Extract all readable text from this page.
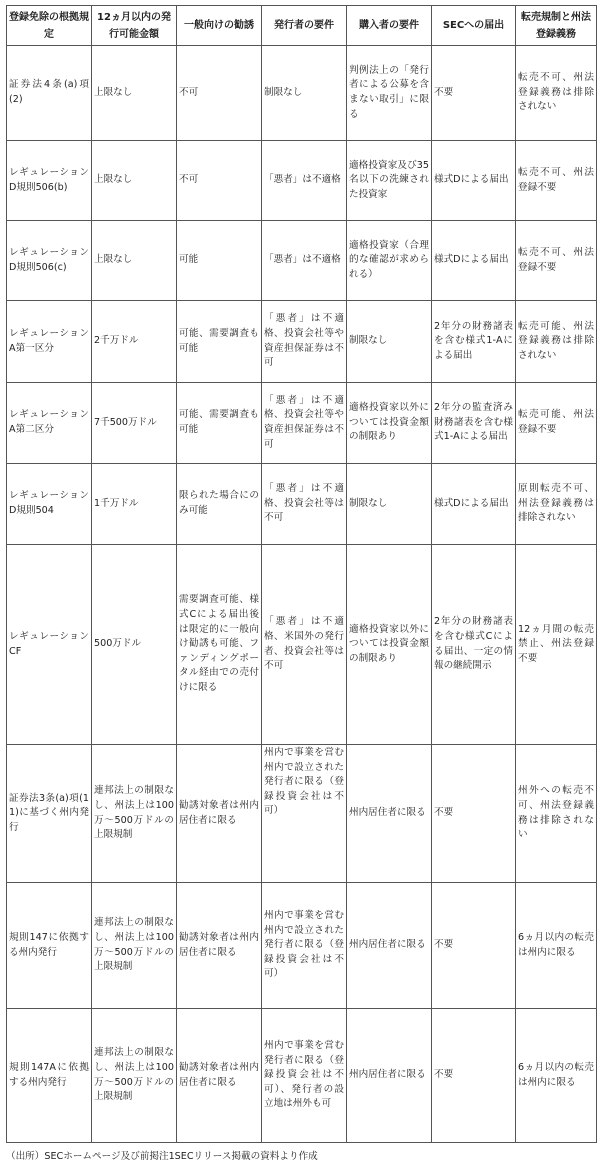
登録免除の根拠規定	12ヵ月以内の発行可能金額	一般向けの勧誘	発行者の要件	購入者の要件	SECへの届出	転売規制と州法登録義務
証券法4条(a)項(2)	上限なし	不可	制限なし	判例法上の「発行者による公募を含まない取引」に限る	不要	転売不可、州法登録義務は排除されない
レギュレーションD規則506(b)	上限なし	不可	「悪者」は不適格	適格投資家及び35名以下の洗練された投資家	様式Dによる届出	転売不可、州法登録不要
レギュレーションD規則506(c)	上限なし	可能	「悪者」は不適格	適格投資家（合理的な確認が求められる）	様式Dによる届出	転売不可、州法登録不要
レギュレーションA第一区分	2千万ドル	可能、需要調査も可能	「悪者」は不適格、投資会社等や資産担保証券は不可	制限なし	2年分の財務諸表を含む様式1-Aによる届出	転売可能、州法登録義務は排除されない
レギュレーションA第二区分	7千500万ドル	可能、需要調査も可能	「悪者」は不適格、投資会社等や資産担保証券は不可	適格投資家以外については投資金額の制限あり	2年分の監査済み財務諸表を含む様式1-Aによる届出	転売可能、州法登録不要
レギュレーションD規則504	1千万ドル	限られた場合にのみ可能	「悪者」は不適格、投資会社等は不可	制限なし	様式Dによる届出	原則転売不可、州法登録義務は排除されない
レギュレーションCF	500万ドル	需要調査可能、様式Cによる届出後は限定的に一般向け勧誘も可能、ファンディングポータル経由での売付けに限る	「悪者」は不適格、米国外の発行者、投資会社等は不可	適格投資家以外については投資金額の制限あり	2年分の財務諸表を含む様式Cによる届出、一定の情報の継続開示	12ヵ月間の転売禁止、州法登録不要
証券法3条(a)項(11)に基づく州内発行	連邦法上の制限なし、州法上は100万～500万ドルの上限規制	勧誘対象者は州内居住者に限る	州内で事業を営む州内で設立された発行者に限る（登録投資会社は不可）	州内居住者に限る	不要	州外への転売不可、州法登録義務は排除されない
規則147に依拠する州内発行	連邦法上の制限なし、州法上は100万～500万ドルの上限規制	勧誘対象者は州内居住者に限る	州内で事業を営む州内で設立された発行者に限る（登録投資会社は不可）	州内居住者に限る	不要	6ヵ月以内の転売は州内に限る
規則147Aに依拠する州内発行	連邦法上の制限なし、州法上は100万～500万ドルの上限規制	勧誘対象者は州内居住者に限る	州内で事業を営む発行者に限る（登録投資会社は不可）、発行者の設立地は州外も可	州内居住者に限る	不要	6ヵ月以内の転売は州内に限る
（出所）SECホームページ及び前掲注1SECリリース掲載の資料より作成
